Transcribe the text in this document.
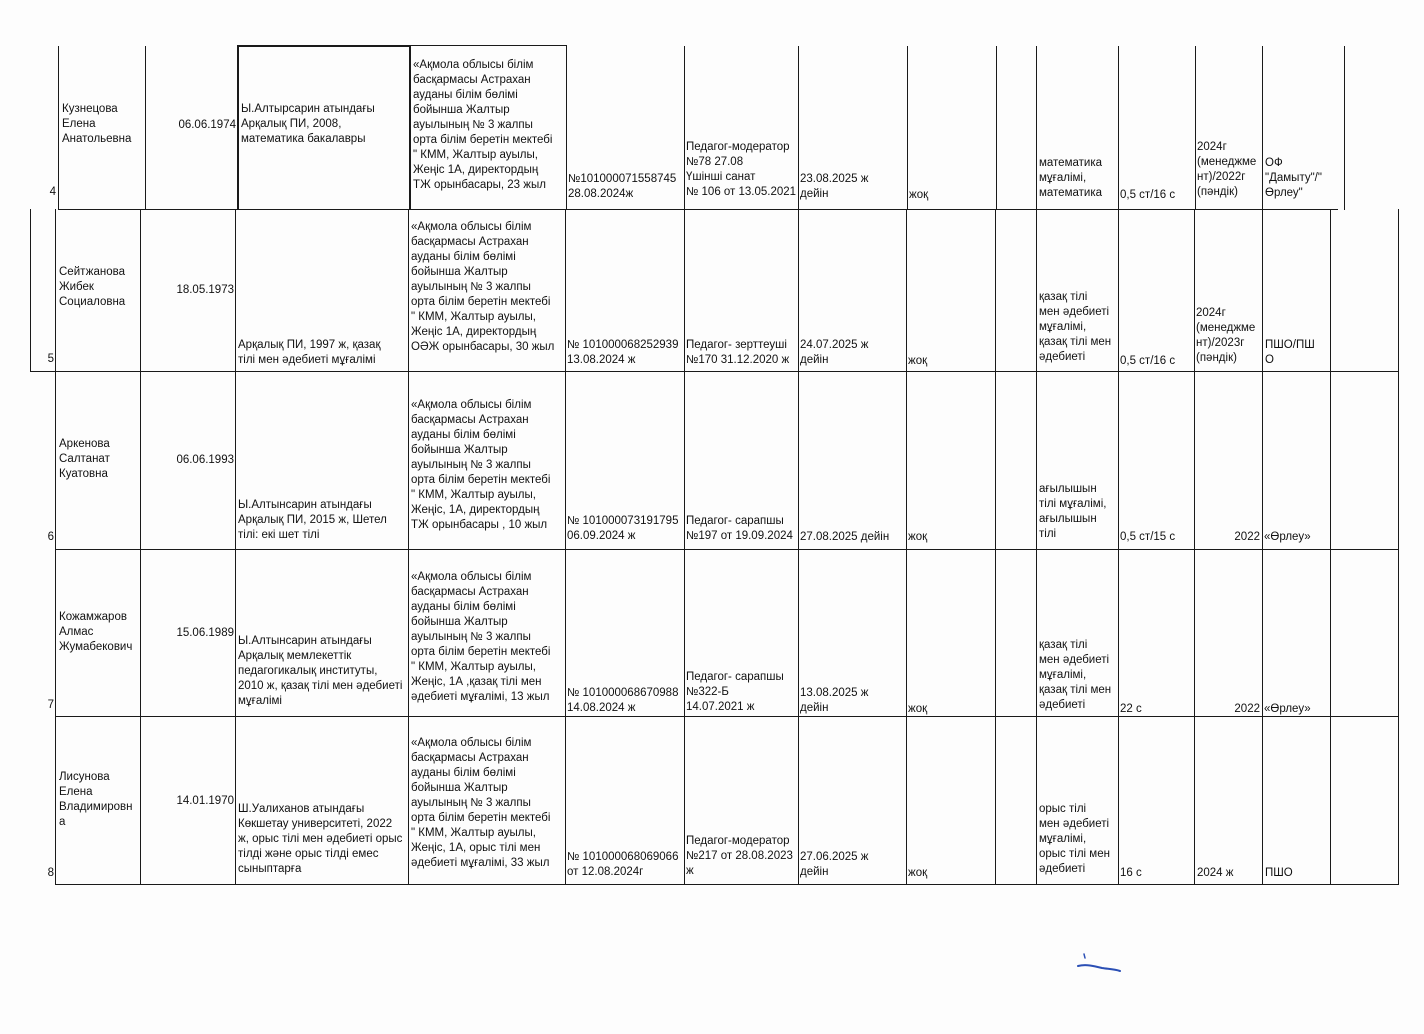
4
Кузнецова
Елена
Анатольевна
06.06.1974
Ы.Алтырсарин атындағы
Арқалық ПИ, 2008,
математика бакалавры
«Ақмола облысы білім
басқармасы Астрахан
ауданы білім бөлімі
бойынша Жалтыр
ауылының № 3 жалпы
орта білім беретін мектебі
" КММ, Жалтыр ауылы,
Жеңіс 1А, директордың
ТЖ орынбасары, 23 жыл	№101000071558745
28.08.2024ж
Педагог-модератор
№78 27.08
Үшінші санат
№ 106 от 13.05.2021
23.08.2025 ж
дейін	жоқ
математика
мұғалімі,
математика	0,5 ст/16 с
2024г
(менеджме
нт)/2022г
(пәндік)
ОФ
"Дамыту"/"
Өрлеу"
5
Сейтжанова
Жибек
Социаловна
18.05.1973
Арқалық ПИ, 1997 ж, қазақ
тілі мен әдебиеті мұғалімі
«Ақмола облысы білім
басқармасы Астрахан
ауданы білім бөлімі
бойынша Жалтыр
ауылының № 3 жалпы
орта білім беретін мектебі
" КММ, Жалтыр ауылы,
Жеңіс 1А, директордың
ОӘЖ орынбасары, 30 жыл	№ 101000068252939
13.08.2024 ж
Педагог- зерттеуші
№170 31.12.2020 ж
24.07.2025 ж
дейін	жоқ
қазақ тілі
мен әдебиеті
мұғалімі,
қазақ тілі мен
әдебиеті	0,5 ст/16 с
2024г
(менеджме
нт)/2023г
(пәндік)
ПШО/ПШ
О
6
Аркенова
Салтанат
Куатовна
06.06.1993
Ы.Алтынсарин атындағы
Арқалық ПИ, 2015 ж, Шетел
тілі: екі шет тілі
«Ақмола облысы білім
басқармасы Астрахан
ауданы білім бөлімі
бойынша Жалтыр
ауылының № 3 жалпы
орта білім беретін мектебі
" КММ, Жалтыр ауылы,
Жеңіс, 1А, директордың
ТЖ орынбасары , 10 жыл	№ 101000073191795
06.09.2024 ж
Педагог- сарапшы
№197 от 19.09.2024 27.08.2025 дейін	жоқ
ағылышын
тілі мұғалімі,
ағылышын
тілі	0,5 ст/15 с	2022 «Өрлеу»
7
Кожамжаров
Алмас
Жумабекович
15.06.1989
Ы.Алтынсарин атындағы
Арқалық мемлекеттік
педагогикалық институты,
2010 ж, қазақ тілі мен әдебиеті
мұғалімі
«Ақмола облысы білім
басқармасы Астрахан
ауданы білім бөлімі
бойынша Жалтыр
ауылының № 3 жалпы
орта білім беретін мектебі
" КММ, Жалтыр ауылы,
Жеңіс, 1А ,қазақ тілі мен
әдебиеті мұғалімі, 13 жыл	№ 101000068670988
14.08.2024 ж
Педагог- сарапшы
№322-Б
14.07.2021 ж
13.08.2025 ж
дейін	жоқ
қазақ тілі
мен әдебиеті
мұғалімі,
қазақ тілі мен
әдебиеті	22 с	2022 «Өрлеу»
8
Лисунова
Елена
Владимировн
а
14.01.1970
Ш.Уалиханов атындағы
Көкшетау университеті, 2022
ж, орыс тілі мен әдебиеті орыс
тілді және орыс тілді емес
сыныптарға
«Ақмола облысы білім
басқармасы Астрахан
ауданы білім бөлімі
бойынша Жалтыр
ауылының № 3 жалпы
орта білім беретін мектебі
" КММ, Жалтыр ауылы,
Жеңіс, 1А, орыс тілі мен
әдебиеті мұғалімі, 33 жыл	№ 101000068069066
от 12.08.2024г
Педагог-модератор
№217 от 28.08.2023
ж
27.06.2025 ж
дейін	жоқ
орыс тілі
мен әдебиеті
мұғалімі,
орыс тілі мен
әдебиеті	16 с	2024 ж	ПШО
